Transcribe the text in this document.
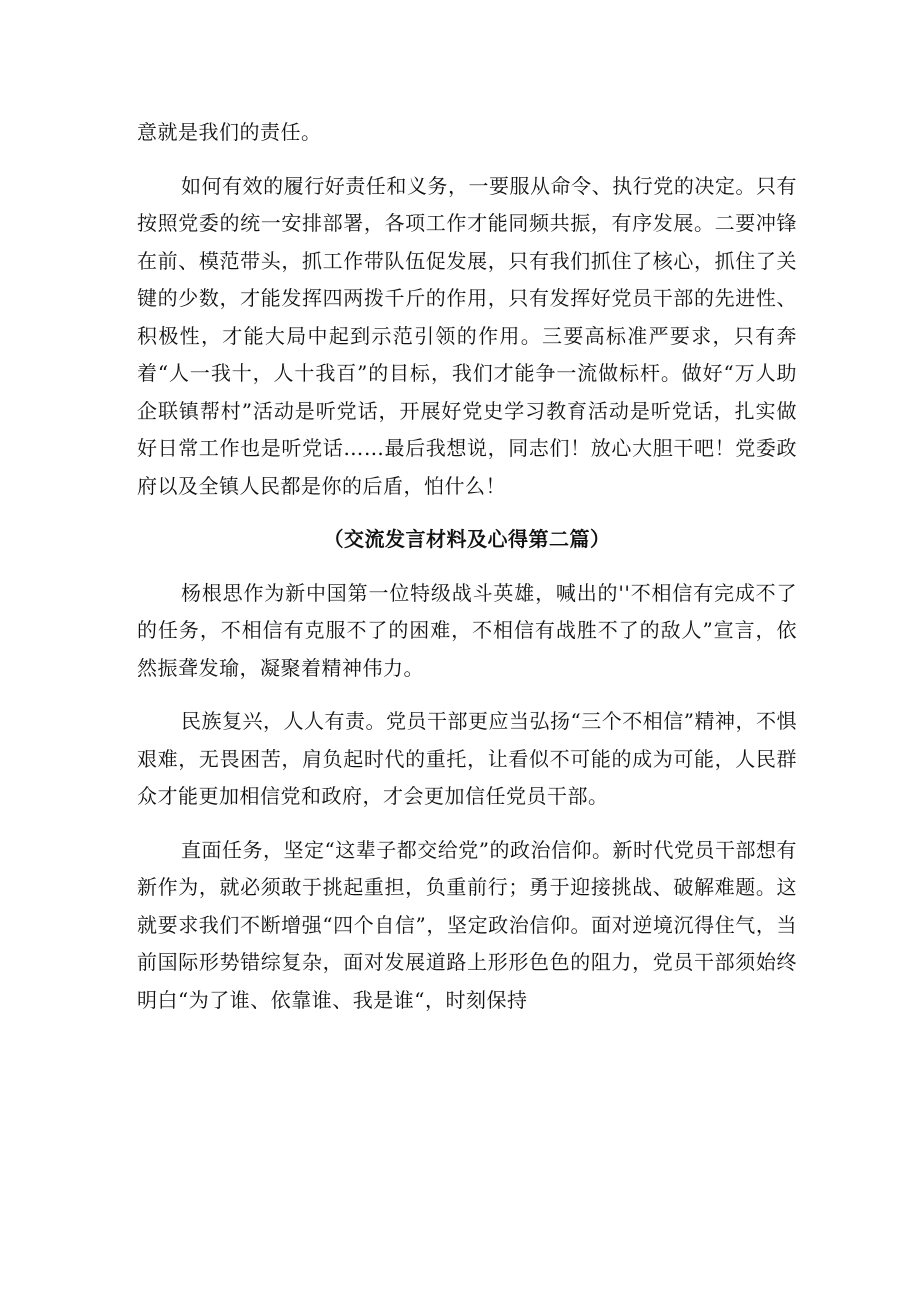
意就是我们的责任。

如何有效的履行好责任和义务，一要服从命令、执行党的决定。只有按照党委的统一安排部署，各项工作才能同频共振，有序发展。二要冲锋在前、模范带头，抓工作带队伍促发展，只有我们抓住了核心，抓住了关键的少数，才能发挥四两拨千斤的作用，只有发挥好党员干部的先进性、积极性，才能大局中起到示范引领的作用。三要高标准严要求，只有奔着“人一我十，人十我百”的目标，我们才能争一流做标杆。做好“万人助企联镇帮村”活动是听党话，开展好党史学习教育活动是听党话，扎实做好日常工作也是听党话……最后我想说，同志们！放心大胆干吧！党委政府以及全镇人民都是你的后盾，怕什么！

（交流发言材料及心得第二篇）

杨根思作为新中国第一位特级战斗英雄，喊出的''不相信有完成不了的任务，不相信有克服不了的困难，不相信有战胜不了的敌人”宣言，依然振聋发瑜，凝聚着精神伟力。

民族复兴，人人有责。党员干部更应当弘扬“三个不相信”精神，不惧艰难，无畏困苦，肩负起时代的重托，让看似不可能的成为可能，人民群众才能更加相信党和政府，才会更加信任党员干部。

直面任务，坚定“这辈子都交给党”的政治信仰。新时代党员干部想有新作为，就必须敢于挑起重担，负重前行；勇于迎接挑战、破解难题。这就要求我们不断增强“四个自信”，坚定政治信仰。面对逆境沉得住气，当前国际形势错综复杂，面对发展道路上形形色色的阻力，党员干部须始终明白“为了谁、依靠谁、我是谁“，时刻保持
